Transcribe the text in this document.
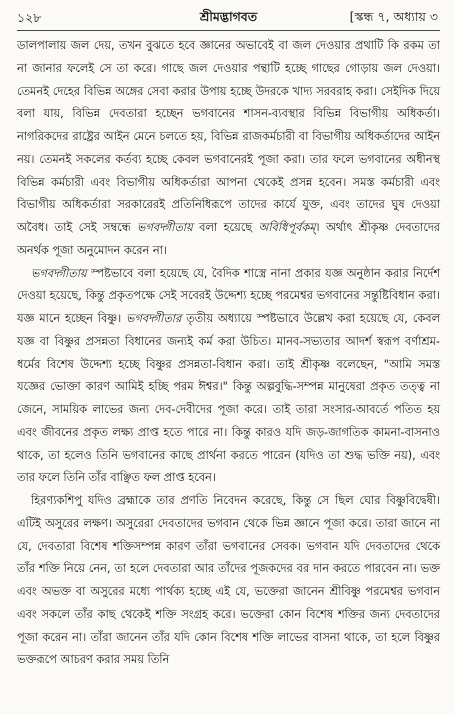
১২৮	শ্রীমদ্ভাগবত	[স্কন্ধ ৭, অধ্যায় ৩

ডালপালায় জল দেয়, তখন বুঝতে হবে জ্ঞানের অভাবেই বা জল দেওয়ার প্রথাটি কি রকম তা না জানার ফলেই সে তা করে। গাছে জল দেওয়ার পন্থাটি হচ্ছে গাছের গোড়ায় জল দেওয়া। তেমনই দেহের বিভিন্ন অঙ্গের সেবা করার উপায় হচ্ছে উদরকে খাদ্য সরবরাহ করা। সেইদিক দিয়ে বলা যায়, বিভিন্ন দেবতারা হচ্ছেন ভগবানের শাসন-ব্যবস্থার বিভিন্ন বিভাগীয় অধিকর্তা। নাগরিকদের রাষ্ট্রের আইন মেনে চলতে হয়, বিভিন্ন রাজকর্মচারী বা বিভাগীয় অধিকর্তাদের আইন নয়। তেমনই সকলের কর্তব্য হচ্ছে কেবল ভগবানেরই পূজা করা। তার ফলে ভগবানের অধীনস্থ বিভিন্ন কর্মচারী এবং বিভাগীয় অধিকর্তারা আপনা থেকেই প্রসন্ন হবেন। সমস্ত কর্মচারী এবং বিভাগীয় অধিকর্তারা সরকারেরই প্রতিনিধিরূপে তাদের কার্যে যুক্ত, এবং তাদের ঘুষ দেওয়া অবৈধ। তাই সেই সম্বন্ধে ভগবদ্গীতায় বলা হয়েছে অবিধিপূর্বকম্। অর্থাৎ শ্রীকৃষ্ণ দেবতাদের অনর্থক পূজা অনুমোদন করেন না।

ভগবদ্গীতায় স্পষ্টভাবে বলা হয়েছে যে, বৈদিক শাস্ত্রে নানা প্রকার যজ্ঞ অনুষ্ঠান করার নির্দেশ দেওয়া হয়েছে, কিন্তু প্রকৃতপক্ষে সেই সবেরই উদ্দেশ্য হচ্ছে পরমেশ্বর ভগবানের সন্তুষ্টিবিধান করা। যজ্ঞ মানে হচ্ছেন বিষ্ণু। ভগবদ্গীতার তৃতীয় অধ্যায়ে স্পষ্টভাবে উল্লেখ করা হয়েছে যে, কেবল যজ্ঞ বা বিষ্ণুর প্রসন্নতা বিধানের জন্যই কর্ম করা উচিত। মানব-সভ্যতার আদর্শ স্বরূপ বর্ণাশ্রম-ধর্মের বিশেষ উদ্দেশ্য হচ্ছে বিষ্ণুর প্রসন্নতা-বিধান করা। তাই শ্রীকৃষ্ণ বলেছেন, "আমি সমস্ত যজ্ঞের ভোক্তা কারণ আমিই হচ্ছি পরম ঈশ্বর।" কিন্তু অল্পবুদ্ধি-সম্পন্ন মানুষেরা প্রকৃত তত্ত্ব না জেনে, সাময়িক লাভের জন্য দেব-দেবীদের পূজা করে। তাই তারা সংসার-আবর্তে পতিত হয় এবং জীবনের প্রকৃত লক্ষ্য প্রাপ্ত হতে পারে না। কিন্তু কারও যদি জড়-জাগতিক কামনা-বাসনাও থাকে, তা হলেও তিনি ভগবানের কাছে প্রার্থনা করতে পারেন (যদিও তা শুদ্ধ ভক্তি নয়), এবং তার ফলে তিনি তাঁর বাঞ্ছিত ফল প্রাপ্ত হবেন।

হিরণ্যকশিপু যদিও ব্রহ্মাকে তার প্রণতি নিবেদন করেছে, কিন্তু সে ছিল ঘোর বিষ্ণুবিদ্বেষী। এটিই অসুরের লক্ষণ। অসুরেরা দেবতাদের ভগবান থেকে ভিন্ন জ্ঞানে পূজা করে। তারা জানে না যে, দেবতারা বিশেষ শক্তিসম্পন্ন কারণ তাঁরা ভগবানের সেবক। ভগবান যদি দেবতাদের থেকে তাঁর শক্তি নিয়ে নেন, তা হলে দেবতারা আর তাঁদের পূজকদের বর দান করতে পারবেন না। ভক্ত এবং অভক্ত বা অসুরের মধ্যে পার্থক্য হচ্ছে এই যে, ভক্তেরা জানেন শ্রীবিষ্ণু পরমেশ্বর ভগবান এবং সকলে তাঁর কাছ থেকেই শক্তি সংগ্রহ করে। ভক্তেরা কোন বিশেষ শক্তির জন্য দেবতাদের পূজা করেন না। তাঁরা জানেন তাঁর যদি কোন বিশেষ শক্তি লাভের বাসনা থাকে, তা হলে বিষ্ণুর ভক্তরূপে আচরণ করার সময় তিনি
